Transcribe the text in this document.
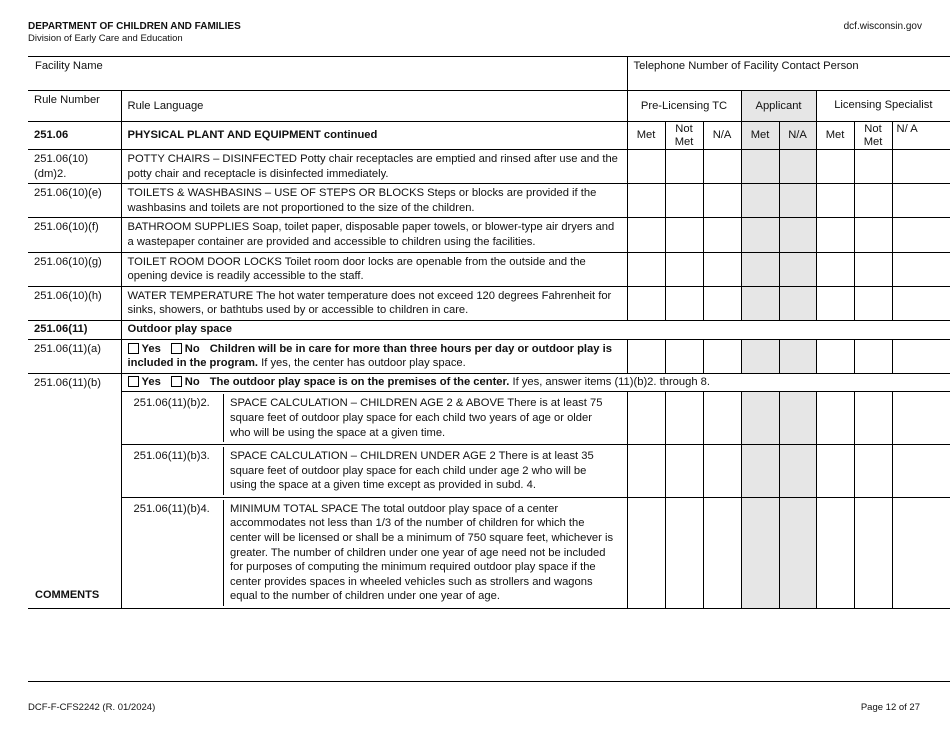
DEPARTMENT OF CHILDREN AND FAMILIES
Division of Early Care and Education
dcf.wisconsin.gov
Facility Name	Telephone Number of Facility Contact Person
Rule Number	Rule Language	Pre-Licensing TC	Applicant	Licensing Specialist
251.06	PHYSICAL PLANT AND EQUIPMENT continued	Met	Not Met	N/A	Met	N/A	Met	Not Met	N/ A
251.06(10)(dm)2.	POTTY CHAIRS – DISINFECTED Potty chair receptacles are emptied and rinsed after use and the potty chair and receptacle is disinfected immediately.								
251.06(10)(e)	TOILETS & WASHBASINS – USE OF STEPS OR BLOCKS Steps or blocks are provided if the washbasins and toilets are not proportioned to the size of the children.								
251.06(10)(f)	BATHROOM SUPPLIES Soap, toilet paper, disposable paper towels, or blower-type air dryers and a wastepaper container are provided and accessible to children using the facilities.								
251.06(10)(g)	TOILET ROOM DOOR LOCKS Toilet room door locks are openable from the outside and the opening device is readily accessible to the staff.								
251.06(10)(h)	WATER TEMPERATURE The hot water temperature does not exceed 120 degrees Fahrenheit for sinks, showers, or bathtubs used by or accessible to children in care.								
251.06(11)	Outdoor play space
251.06(11)(a)	Yes No Children will be in care for more than three hours per day or outdoor play is included in the program. If yes, the center has outdoor play space.								
251.06(11)(b)	Yes No The outdoor play space is on the premises of the center. If yes, answer items (11)(b)2. through 8.

251.06(11)(b)2.	SPACE CALCULATION – CHILDREN AGE 2 & ABOVE There is at least 75 square feet of outdoor play space for each child two years of age or older who will be using the space at a given time.

251.06(11)(b)3.	SPACE CALCULATION – CHILDREN UNDER AGE 2 There is at least 35 square feet of outdoor play space for each child under age 2 who will be using the space at a given time except as provided in subd. 4.

251.06(11)(b)4.	MINIMUM TOTAL SPACE The total outdoor play space of a center accommodates not less than 1/3 of the number of children for which the center will be licensed or shall be a minimum of 750 square feet, whichever is greater. The number of children under one year of age need not be included for purposes of computing the minimum required outdoor play space if the center provides spaces in wheeled vehicles such as strollers and wagons equal to the number of children under one year of age.

COMMENTS
DCF-F-CFS2242 (R. 01/2024)	Page 12 of 27
